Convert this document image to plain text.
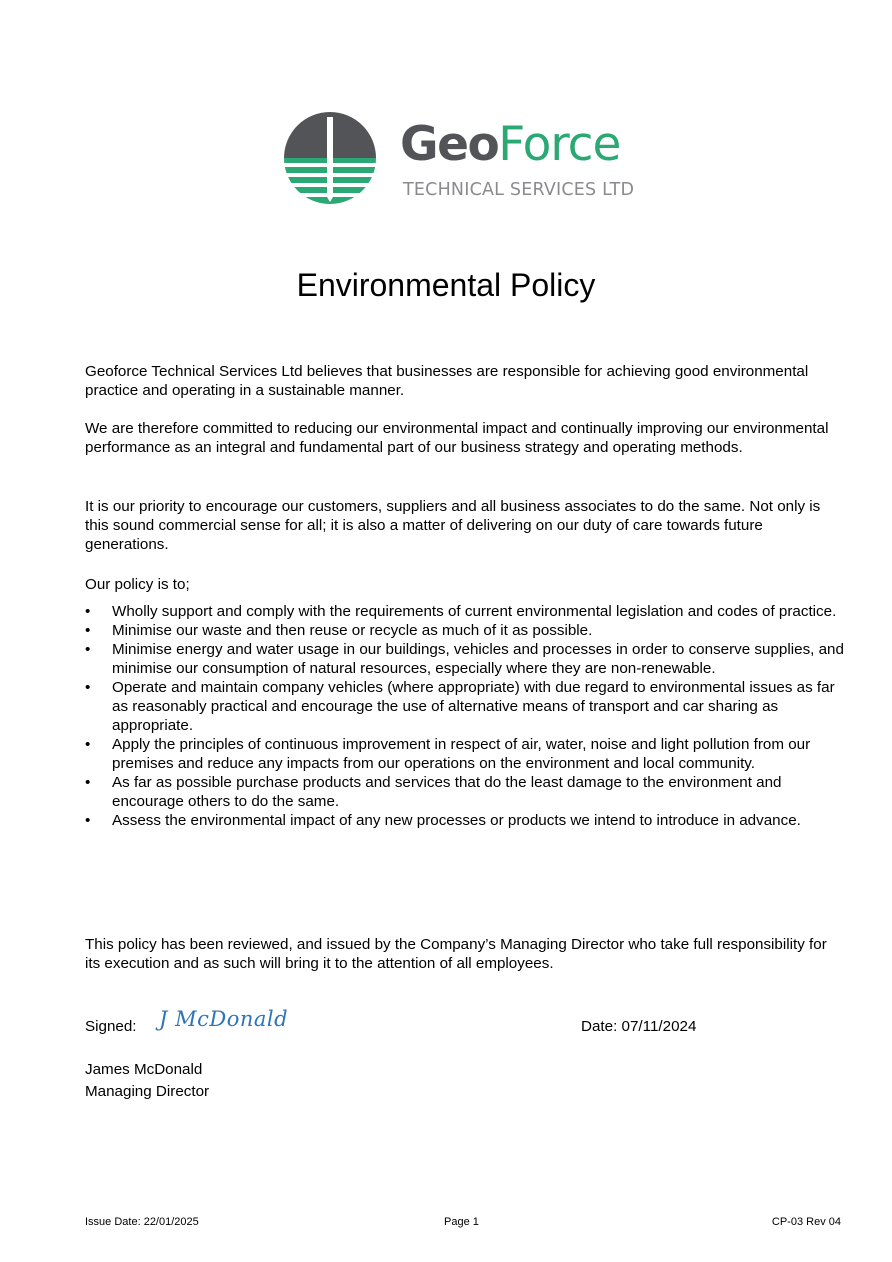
GeoForce
TECHNICAL SERVICES LTD
Environmental Policy

Geoforce Technical Services Ltd believes that businesses are responsible for achieving good environmental practice and operating in a sustainable manner.

We are therefore committed to reducing our environmental impact and continually improving our environmental performance as an integral and fundamental part of our business strategy and operating methods.

It is our priority to encourage our customers, suppliers and all business associates to do the same. Not only is this sound commercial sense for all; it is also a matter of delivering on our duty of care towards future generations.

Our policy is to;

•	Wholly support and comply with the requirements of current environmental legislation and codes of practice.
•	Minimise our waste and then reuse or recycle as much of it as possible.
•	Minimise energy and water usage in our buildings, vehicles and processes in order to conserve supplies, and minimise our consumption of natural resources, especially where they are non-renewable.
•	Operate and maintain company vehicles (where appropriate) with due regard to environmental issues as far as reasonably practical and encourage the use of alternative means of transport and car sharing as appropriate.
•	Apply the principles of continuous improvement in respect of air, water, noise and light pollution from our premises and reduce any impacts from our operations on the environment and local community.
•	As far as possible purchase products and services that do the least damage to the environment and encourage others to do the same.
•	Assess the environmental impact of any new processes or products we intend to introduce in advance.

This policy has been reviewed, and issued by the Company’s Managing Director who take full responsibility for its execution and as such will bring it to the attention of all employees.

Signed: J McDonald	Date: 07/11/2024
James McDonald
Managing Director
Issue Date: 22/01/2025	Page 1	CP-03 Rev 04
